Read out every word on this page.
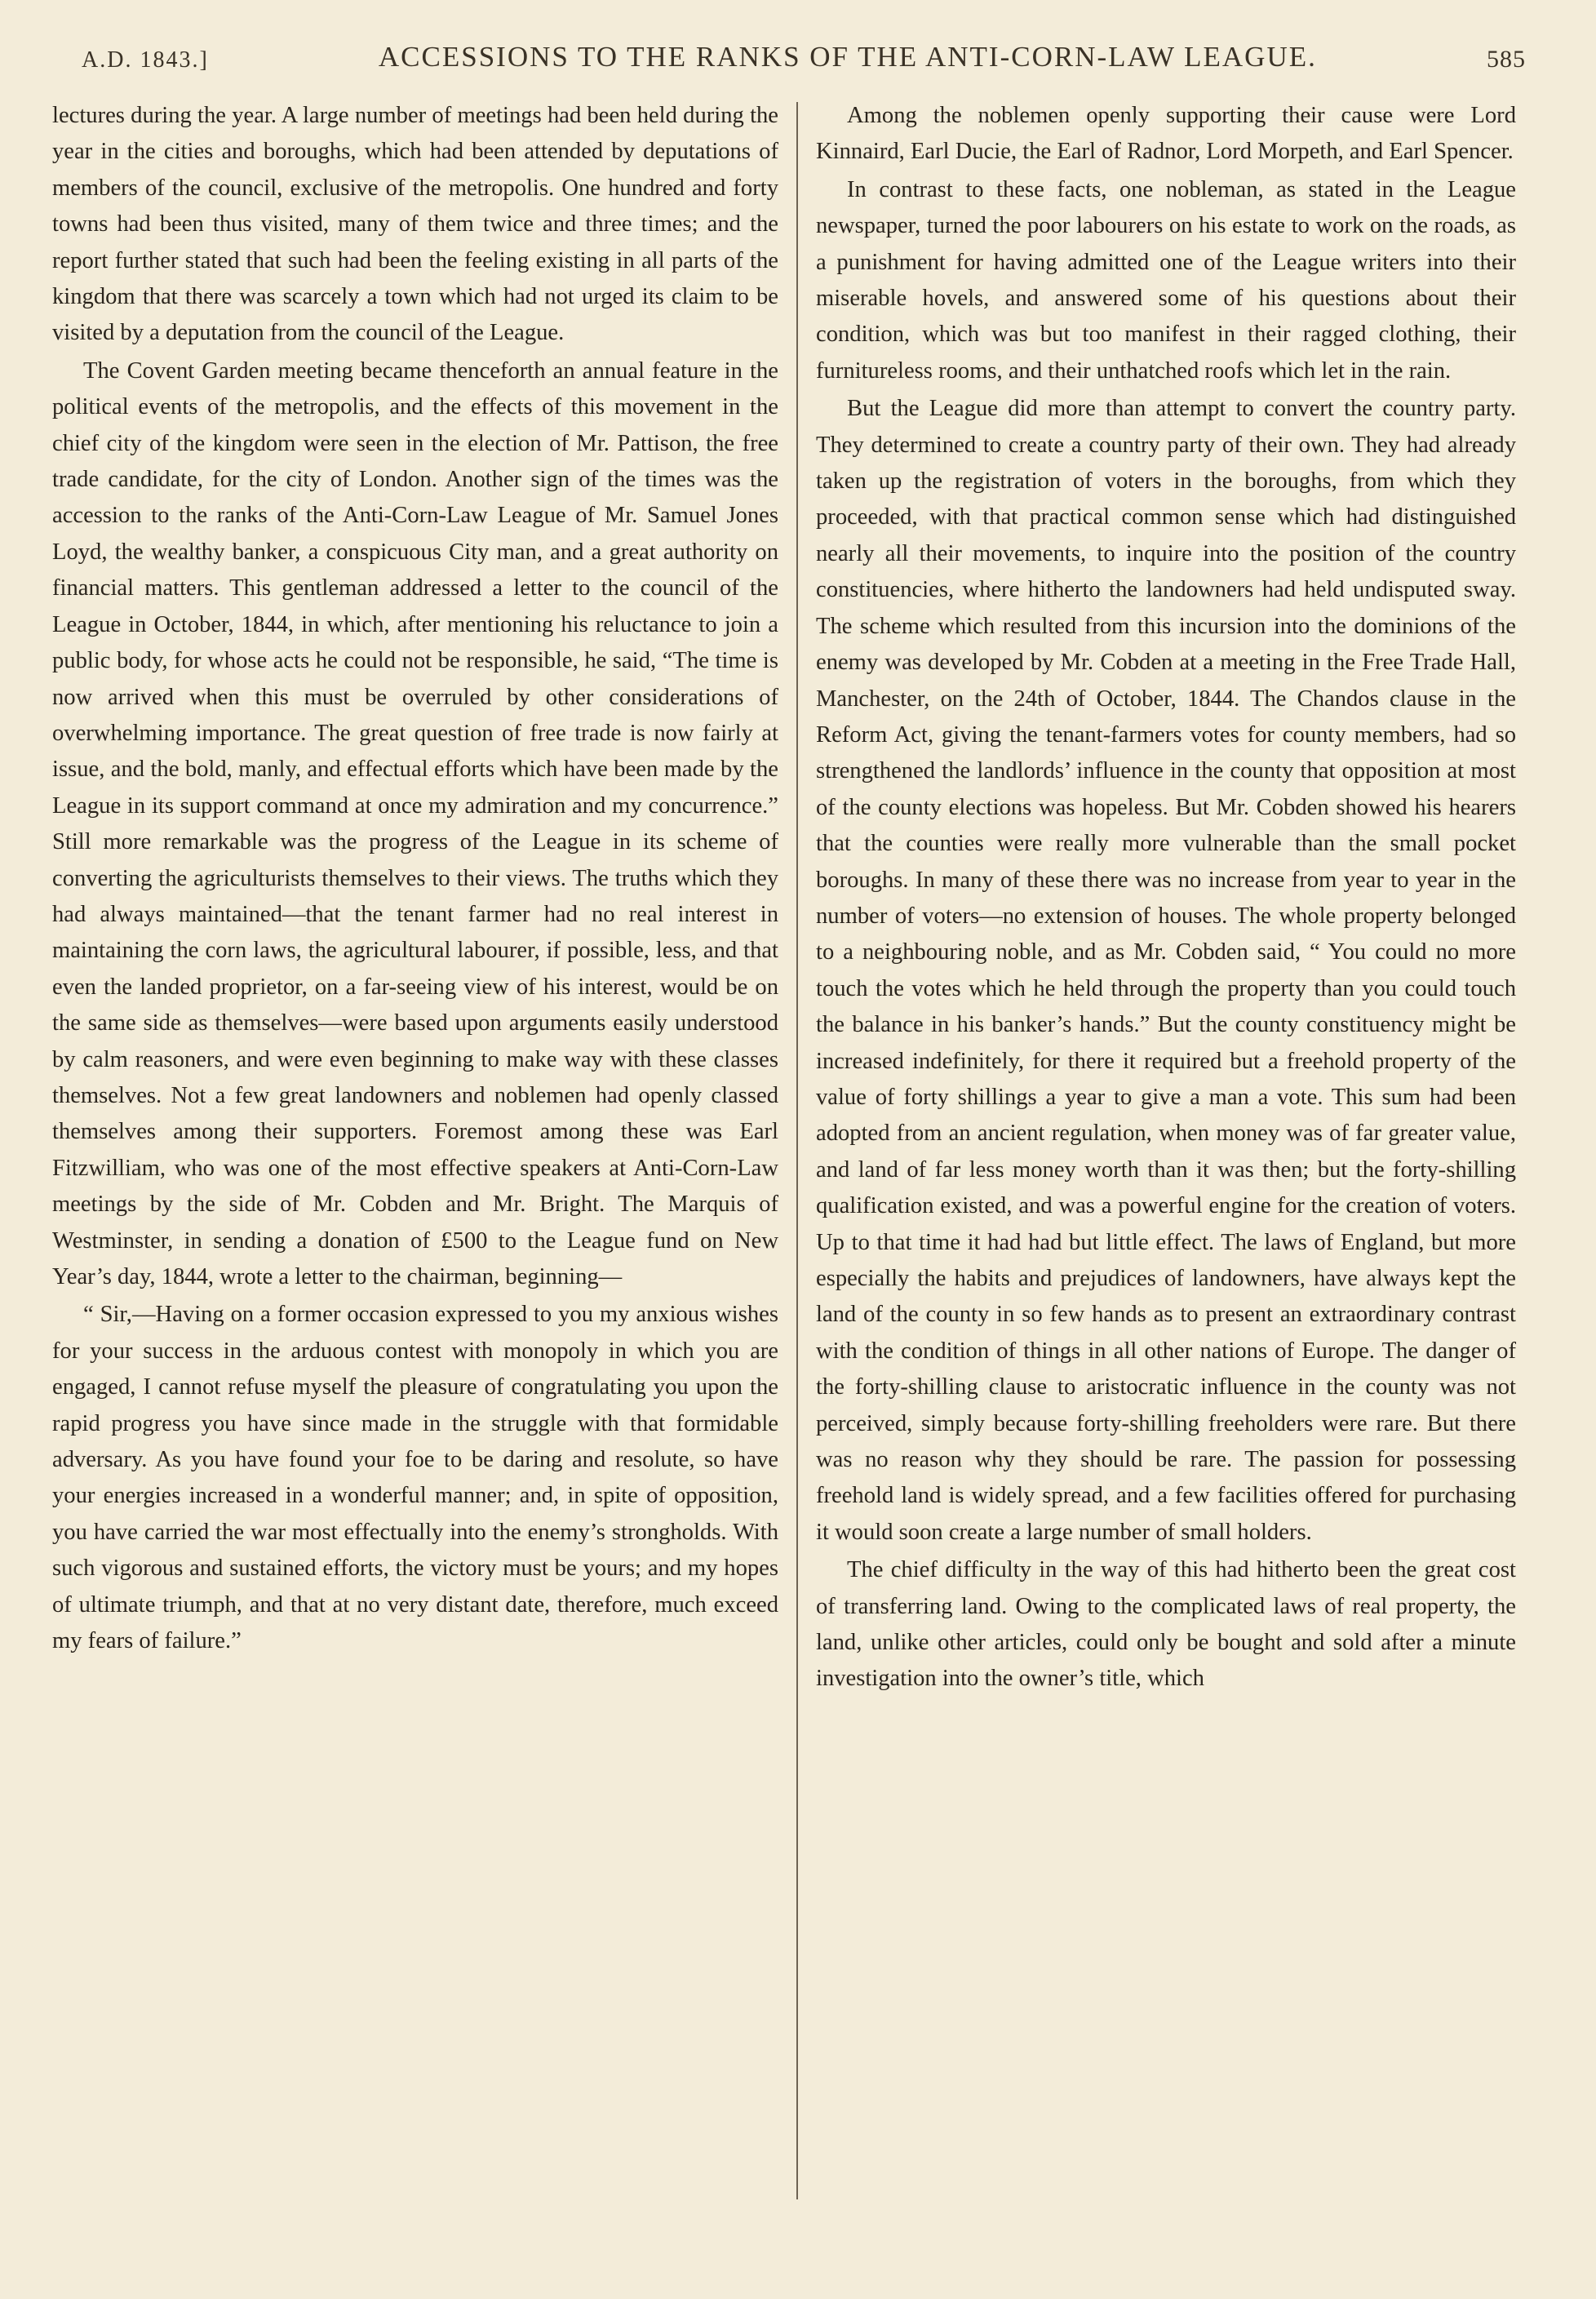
A.D. 1843.]	ACCESSIONS TO THE RANKS OF THE ANTI-CORN-LAW LEAGUE.	585

lectures during the year. A large number of meetings had been held during the year in the cities and boroughs, which had been attended by deputations of members of the council, exclusive of the metropolis. One hundred and forty towns had been thus visited, many of them twice and three times; and the report further stated that such had been the feeling existing in all parts of the kingdom that there was scarcely a town which had not urged its claim to be visited by a deputation from the council of the League.

The Covent Garden meeting became thenceforth an annual feature in the political events of the metropolis, and the effects of this movement in the chief city of the kingdom were seen in the election of Mr. Pattison, the free trade candidate, for the city of London. Another sign of the times was the accession to the ranks of the Anti-Corn-Law League of Mr. Samuel Jones Loyd, the wealthy banker, a conspicuous City man, and a great authority on financial matters. This gentleman addressed a letter to the council of the League in October, 1844, in which, after mentioning his reluctance to join a public body, for whose acts he could not be responsible, he said, “The time is now arrived when this must be overruled by other considerations of overwhelming importance. The great question of free trade is now fairly at issue, and the bold, manly, and effectual efforts which have been made by the League in its support command at once my admiration and my concurrence.” Still more remarkable was the progress of the League in its scheme of converting the agriculturists themselves to their views. The truths which they had always maintained—that the tenant farmer had no real interest in maintaining the corn laws, the agricultural labourer, if possible, less, and that even the landed proprietor, on a far-seeing view of his interest, would be on the same side as themselves—were based upon arguments easily understood by calm reasoners, and were even beginning to make way with these classes themselves. Not a few great landowners and noblemen had openly classed themselves among their supporters. Foremost among these was Earl Fitzwilliam, who was one of the most effective speakers at Anti-Corn-Law meetings by the side of Mr. Cobden and Mr. Bright. The Marquis of Westminster, in sending a donation of £500 to the League fund on New Year’s day, 1844, wrote a letter to the chairman, beginning—

“ Sir,—Having on a former occasion expressed to you my anxious wishes for your success in the arduous contest with monopoly in which you are engaged, I cannot refuse myself the pleasure of congratulating you upon the rapid progress you have since made in the struggle with that formidable adversary. As you have found your foe to be daring and resolute, so have your energies increased in a wonderful manner; and, in spite of opposition, you have carried the war most effectually into the enemy’s strongholds. With such vigorous and sustained efforts, the victory must be yours; and my hopes of ultimate triumph, and that at no very distant date, therefore, much exceed my fears of failure.”

Among the noblemen openly supporting their cause were Lord Kinnaird, Earl Ducie, the Earl of Radnor, Lord Morpeth, and Earl Spencer.

In contrast to these facts, one nobleman, as stated in the League newspaper, turned the poor labourers on his estate to work on the roads, as a punishment for having admitted one of the League writers into their miserable hovels, and answered some of his questions about their condition, which was but too manifest in their ragged clothing, their furnitureless rooms, and their unthatched roofs which let in the rain.

But the League did more than attempt to convert the country party. They determined to create a country party of their own. They had already taken up the registration of voters in the boroughs, from which they proceeded, with that practical common sense which had distinguished nearly all their movements, to inquire into the position of the country constituencies, where hitherto the landowners had held undisputed sway. The scheme which resulted from this incursion into the dominions of the enemy was developed by Mr. Cobden at a meeting in the Free Trade Hall, Manchester, on the 24th of October, 1844. The Chandos clause in the Reform Act, giving the tenant-farmers votes for county members, had so strengthened the landlords’ influence in the county that opposition at most of the county elections was hopeless. But Mr. Cobden showed his hearers that the counties were really more vulnerable than the small pocket boroughs. In many of these there was no increase from year to year in the number of voters—no extension of houses. The whole property belonged to a neighbouring noble, and as Mr. Cobden said, “ You could no more touch the votes which he held through the property than you could touch the balance in his banker’s hands.” But the county constituency might be increased indefinitely, for there it required but a freehold property of the value of forty shillings a year to give a man a vote. This sum had been adopted from an ancient regulation, when money was of far greater value, and land of far less money worth than it was then; but the forty-shilling qualification existed, and was a powerful engine for the creation of voters. Up to that time it had had but little effect. The laws of England, but more especially the habits and prejudices of landowners, have always kept the land of the county in so few hands as to present an extraordinary contrast with the condition of things in all other nations of Europe. The danger of the forty-shilling clause to aristocratic influence in the county was not perceived, simply because forty-shilling freeholders were rare. But there was no reason why they should be rare. The passion for possessing freehold land is widely spread, and a few facilities offered for purchasing it would soon create a large number of small holders.

The chief difficulty in the way of this had hitherto been the great cost of transferring land. Owing to the complicated laws of real property, the land, unlike other articles, could only be bought and sold after a minute investigation into the owner’s title, which
